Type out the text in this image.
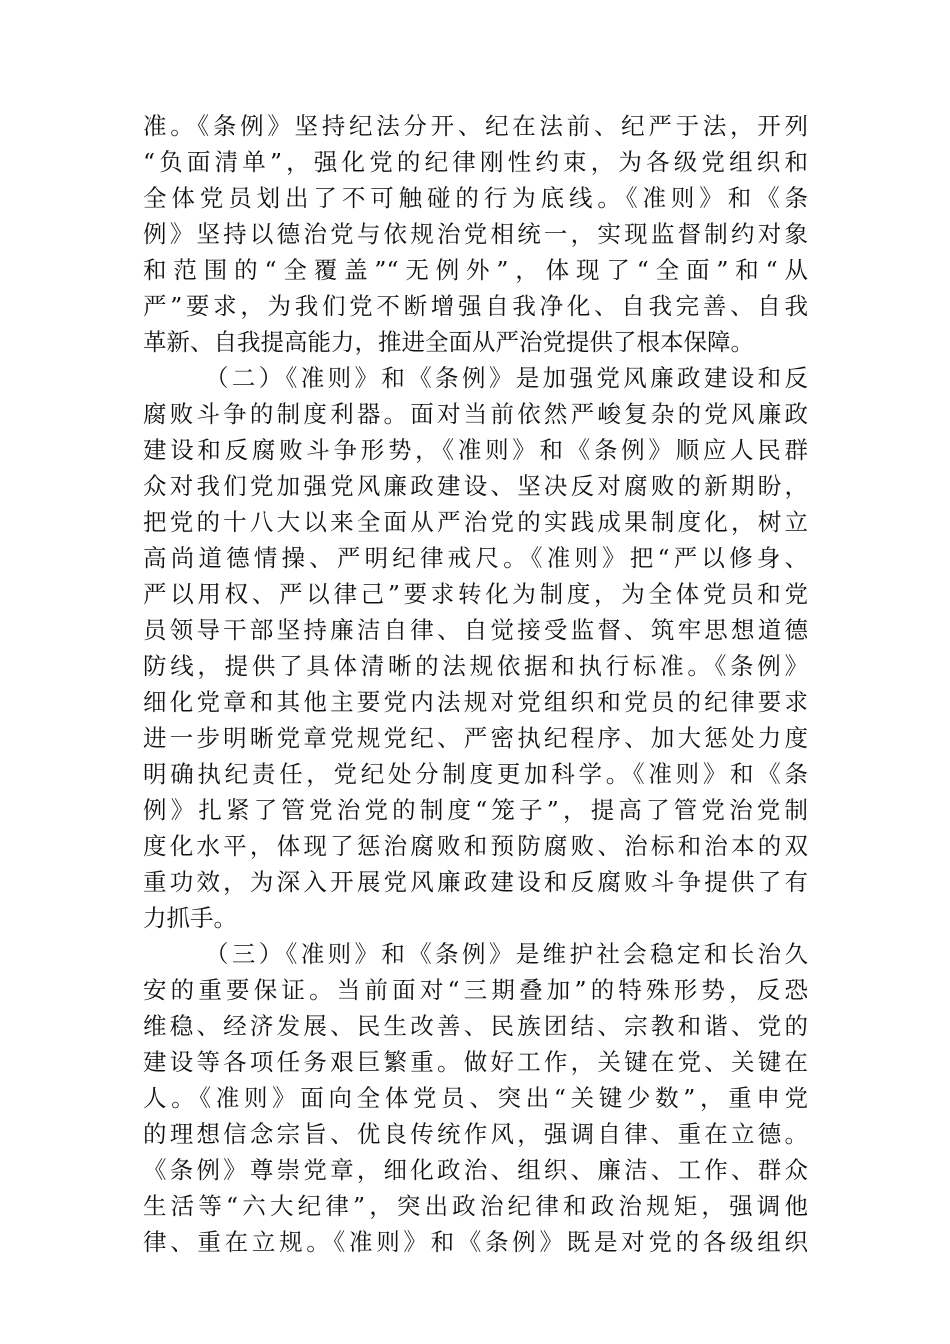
准。《条例》坚持纪法分开、纪在法前、纪严于法，开列
“负面清单”，强化党的纪律刚性约束，为各级党组织和
全体党员划出了不可触碰的行为底线。《准则》和《条
例》坚持以德治党与依规治党相统一，实现监督制约对象
和范围的“全覆盖”“无例外”，体现了“全面”和“从
严”要求，为我们党不断增强自我净化、自我完善、自我
革新、自我提高能力，推进全面从严治党提供了根本保障。
（二）《准则》和《条例》是加强党风廉政建设和反
腐败斗争的制度利器。面对当前依然严峻复杂的党风廉政
建设和反腐败斗争形势，《准则》和《条例》顺应人民群
众对我们党加强党风廉政建设、坚决反对腐败的新期盼，
把党的十八大以来全面从严治党的实践成果制度化，树立
高尚道德情操、严明纪律戒尺。《准则》把“严以修身、
严以用权、严以律己”要求转化为制度，为全体党员和党
员领导干部坚持廉洁自律、自觉接受监督、筑牢思想道德
防线，提供了具体清晰的法规依据和执行标准。《条例》
细化党章和其他主要党内法规对党组织和党员的纪律要求
进一步明晰党章党规党纪、严密执纪程序、加大惩处力度
明确执纪责任，党纪处分制度更加科学。《准则》和《条
例》扎紧了管党治党的制度“笼子”，提高了管党治党制
度化水平，体现了惩治腐败和预防腐败、治标和治本的双
重功效，为深入开展党风廉政建设和反腐败斗争提供了有
力抓手。
（三）《准则》和《条例》是维护社会稳定和长治久
安的重要保证。当前面对“三期叠加”的特殊形势，反恐
维稳、经济发展、民生改善、民族团结、宗教和谐、党的
建设等各项任务艰巨繁重。做好工作，关键在党、关键在
人。《准则》面向全体党员、突出“关键少数”，重申党
的理想信念宗旨、优良传统作风，强调自律、重在立德。
《条例》尊崇党章，细化政治、组织、廉洁、工作、群众
生活等“六大纪律”，突出政治纪律和政治规矩，强调他
律、重在立规。《准则》和《条例》既是对党的各级组织
